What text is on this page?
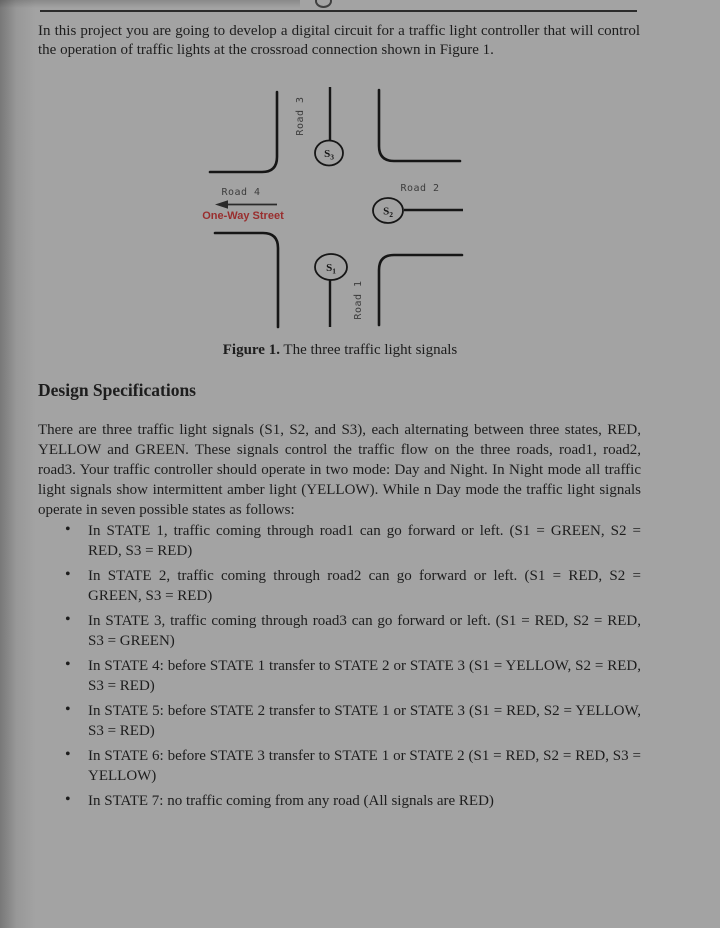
In this project you are going to develop a digital circuit for a traffic light controller that will control the operation of traffic lights at the crossroad connection shown in Figure 1.
$S_3$
Road 3
Road 2
$S_2$
Road 4
One-Way Street
$S_1$
Road 1
Figure 1. The three traffic light signals
Design Specifications
There are three traffic light signals (S1, S2, and S3), each alternating between three states, RED, YELLOW and GREEN. These signals control the traffic flow on the three roads, road1, road2, road3. Your traffic controller should operate in two mode: Day and Night. In Night mode all traffic light signals show intermittent amber light (YELLOW). While n Day mode the traffic light signals operate in seven possible states as follows:
• In STATE 1, traffic coming through road1 can go forward or left. (S1 = GREEN, S2 = RED, S3 = RED)
• In STATE 2, traffic coming through road2 can go forward or left. (S1 = RED, S2 = GREEN, S3 = RED)
• In STATE 3, traffic coming through road3 can go forward or left. (S1 = RED, S2 = RED, S3 = GREEN)
• In STATE 4: before STATE 1 transfer to STATE 2 or STATE 3 (S1 = YELLOW, S2 = RED, S3 = RED)
• In STATE 5: before STATE 2 transfer to STATE 1 or STATE 3 (S1 = RED, S2 = YELLOW, S3 = RED)
• In STATE 6: before STATE 3 transfer to STATE 1 or STATE 2 (S1 = RED, S2 = RED, S3 = YELLOW)
• In STATE 7: no traffic coming from any road (All signals are RED)
